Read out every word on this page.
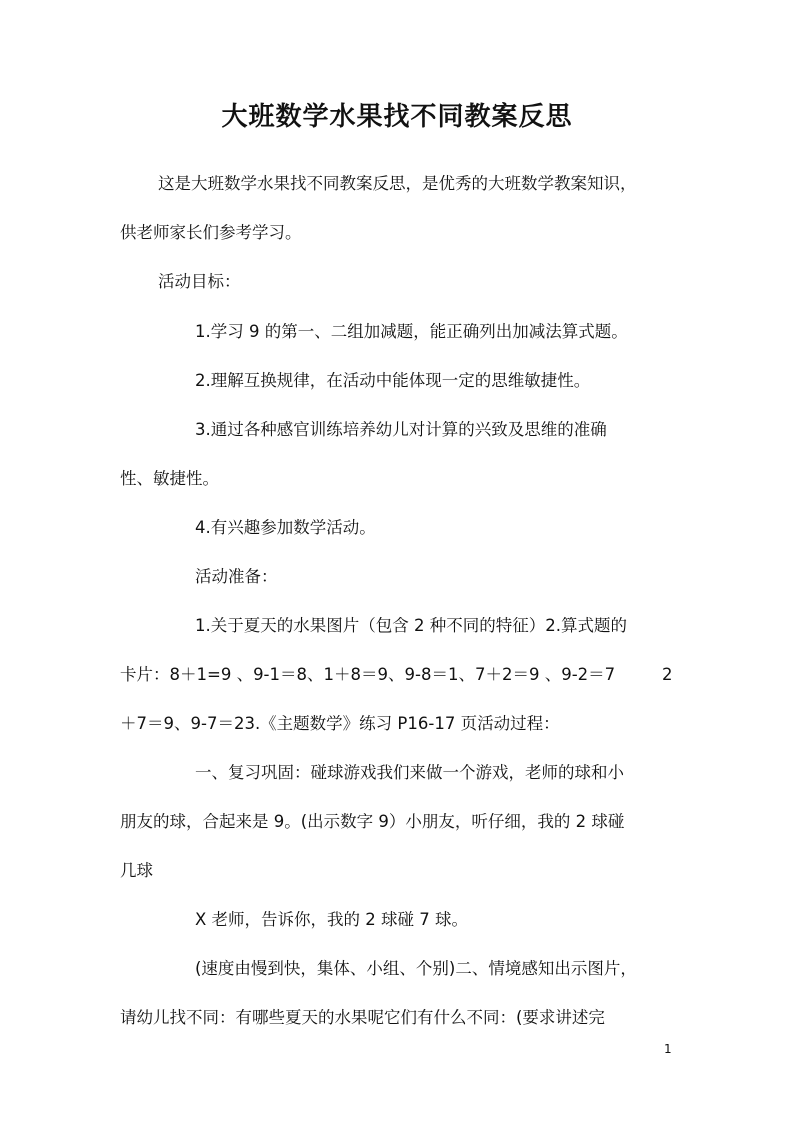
大班数学水果找不同教案反思
这是大班数学水果找不同教案反思，是优秀的大班数学教案知识，
供老师家长们参考学习。
活动目标：
1.学习 9 的第一、二组加减题，能正确列出加减法算式题。
2.理解互换规律，在活动中能体现一定的思维敏捷性。
3.通过各种感官训练培养幼儿对计算的兴致及思维的准确
性、敏捷性。
4.有兴趣参加数学活动。
活动准备：
1.关于夏天的水果图片（包含 2 种不同的特征）2.算式题的
卡片：8＋1=9 、9-1＝8、1＋8＝9、9-8＝1、7＋2＝9 、9-2＝7	2
＋7＝9、9-7＝23.《主题数学》练习 P16-17 页活动过程：
一、复习巩固：碰球游戏我们来做一个游戏，老师的球和小
朋友的球，合起来是 9。(出示数字 9）小朋友，听仔细，我的 2 球碰
几球
X 老师，告诉你，我的 2 球碰 7 球。
(速度由慢到快，集体、小组、个别)二、情境感知出示图片，
请幼儿找不同：有哪些夏天的水果呢它们有什么不同：(要求讲述完
1
